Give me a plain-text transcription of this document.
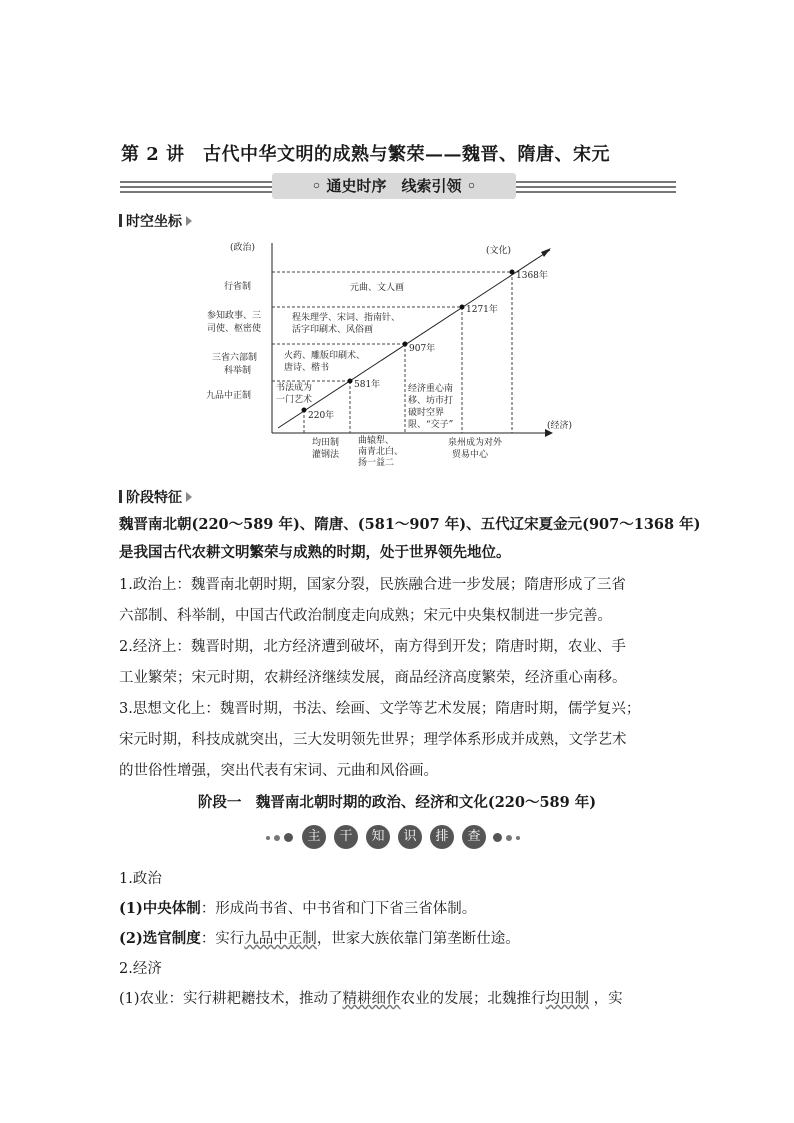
第 2 讲　古代中华文明的成熟与繁荣——魏晋、隋唐、宋元
◦ 通史时序　线索引领 ◦
时空坐标
(政治)
(经济)
(文化)
行省制
参知政事、三
司使、枢密使
三省六部制
科举制
九品中正制
220年
581年
907年
1271年
1368年
元曲、文人画
程朱理学、宋词、指南针、
活字印刷术、风俗画
火药、雕版印刷术、
唐诗、楷书
书法成为
一门艺术
经济重心南
移、坊市打
破时空界
限、“交子”
均田制
灌钢法
曲辕犁、
南青北白、
扬一益二
泉州成为对外
贸易中心
阶段特征
魏晋南北朝(220～589 年)、隋唐、(581～907 年)、五代辽宋夏金元(907～1368 年)
是我国古代农耕文明繁荣与成熟的时期，处于世界领先地位。
1.政治上：魏晋南北朝时期，国家分裂，民族融合进一步发展；隋唐形成了三省
六部制、科举制，中国古代政治制度走向成熟；宋元中央集权制进一步完善。
2.经济上：魏晋时期，北方经济遭到破坏，南方得到开发；隋唐时期，农业、手
工业繁荣；宋元时期，农耕经济继续发展，商品经济高度繁荣，经济重心南移。
3.思想文化上：魏晋时期，书法、绘画、文学等艺术发展；隋唐时期，儒学复兴；
宋元时期，科技成就突出，三大发明领先世界；理学体系形成并成熟，文学艺术
的世俗性增强，突出代表有宋词、元曲和风俗画。
阶段一　魏晋南北朝时期的政治、经济和文化(220～589 年)
主	干	知	识	排	查
1.政治
(1)中央体制：形成尚书省、中书省和门下省三省体制。
(2)选官制度：实行九品中正制，世家大族依靠门第垄断仕途。
2.经济
(1)农业：实行耕耙耱技术，推动了精耕细作农业的发展；北魏推行均田制 ，实
